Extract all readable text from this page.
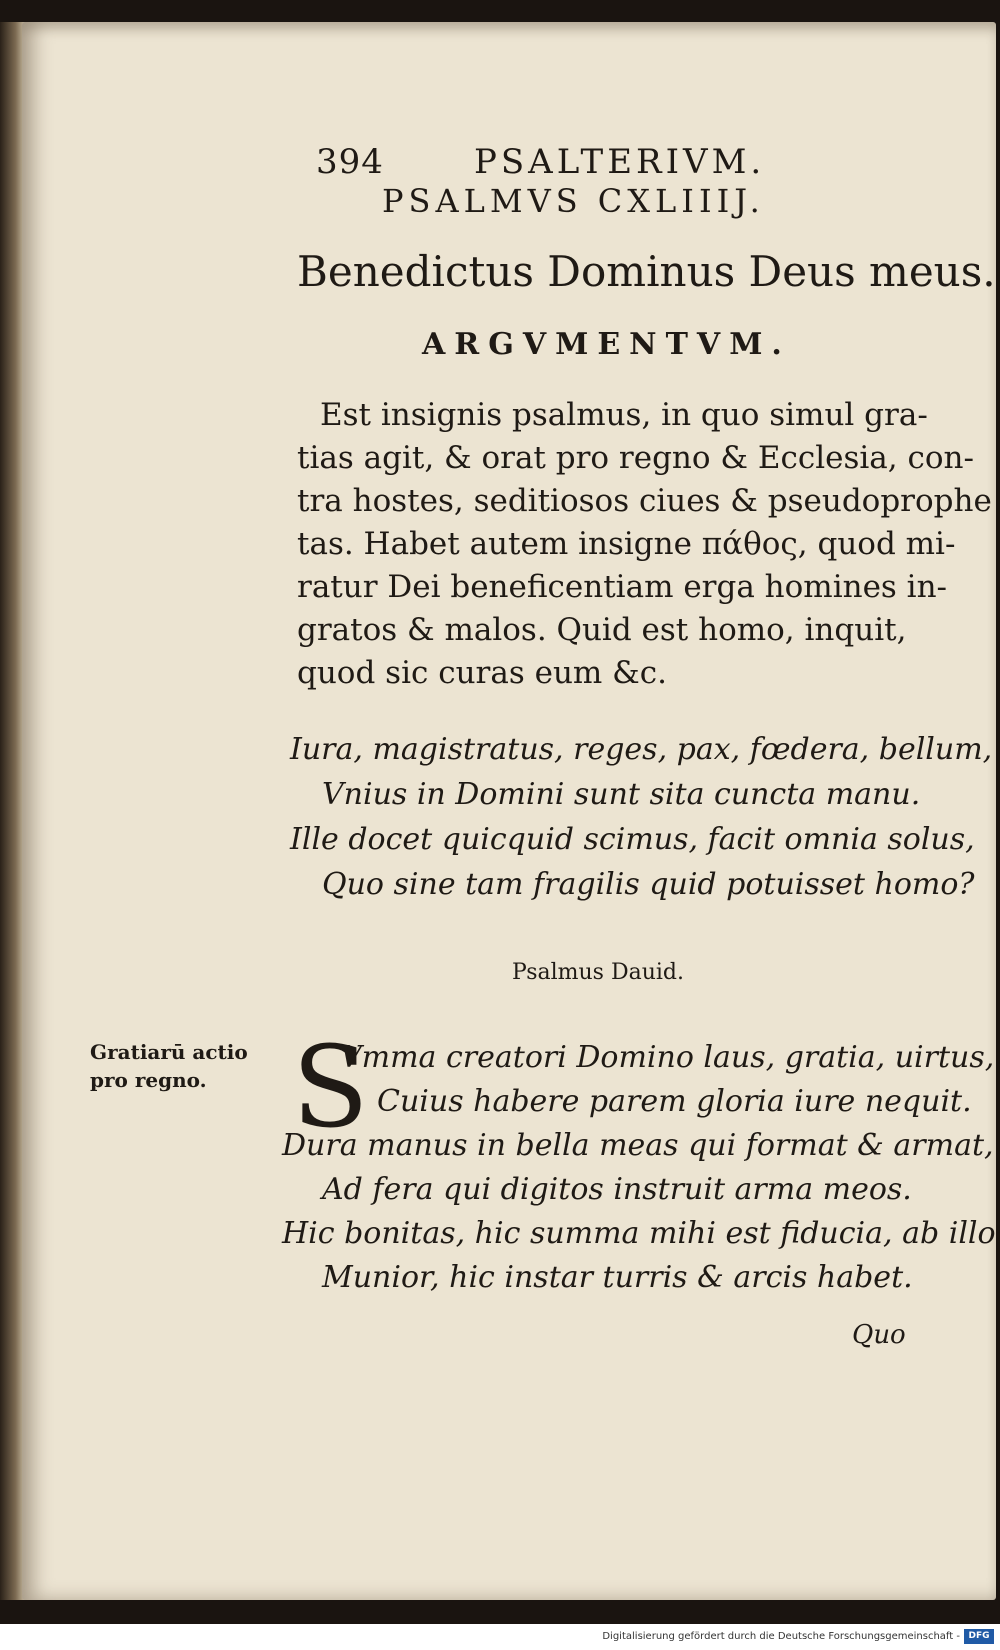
394	PSALTERIVM.
PSALMVS CXLIIIJ.
Benedictus Dominus Deus meus.
ARGVMENTVM.
Est insignis psalmus, in quo simul gra-
tias agit, & orat pro regno & Ecclesia, con-
tra hostes, seditiosos ciues & pseudoprophe
tas. Habet autem insigne πάθος, quod mi-
ratur Dei beneficentiam erga homines in-
gratos & malos. Quid est homo, inquit,
quod sic curas eum &c.
Iura, magistratus, reges, pax, fœdera, bellum,
Vnius in Domini sunt sita cuncta manu.
Ille docet quicquid scimus, facit omnia solus,
Quo sine tam fragilis quid potuisset homo?
Psalmus Dauid.
Gratiarū actio
pro regno. S
Vmma creatori Domino laus, gratia, uirtus,
Cuius habere parem gloria iure nequit.
Dura manus in bella meas qui format & armat,
Ad fera qui digitos instruit arma meos.
Hic bonitas, hic summa mihi est fiducia, ab illo
Munior, hic instar turris & arcis habet.
Quo
Digitalisierung gefördert durch die Deutsche Forschungsgemeinschaft - DFG
